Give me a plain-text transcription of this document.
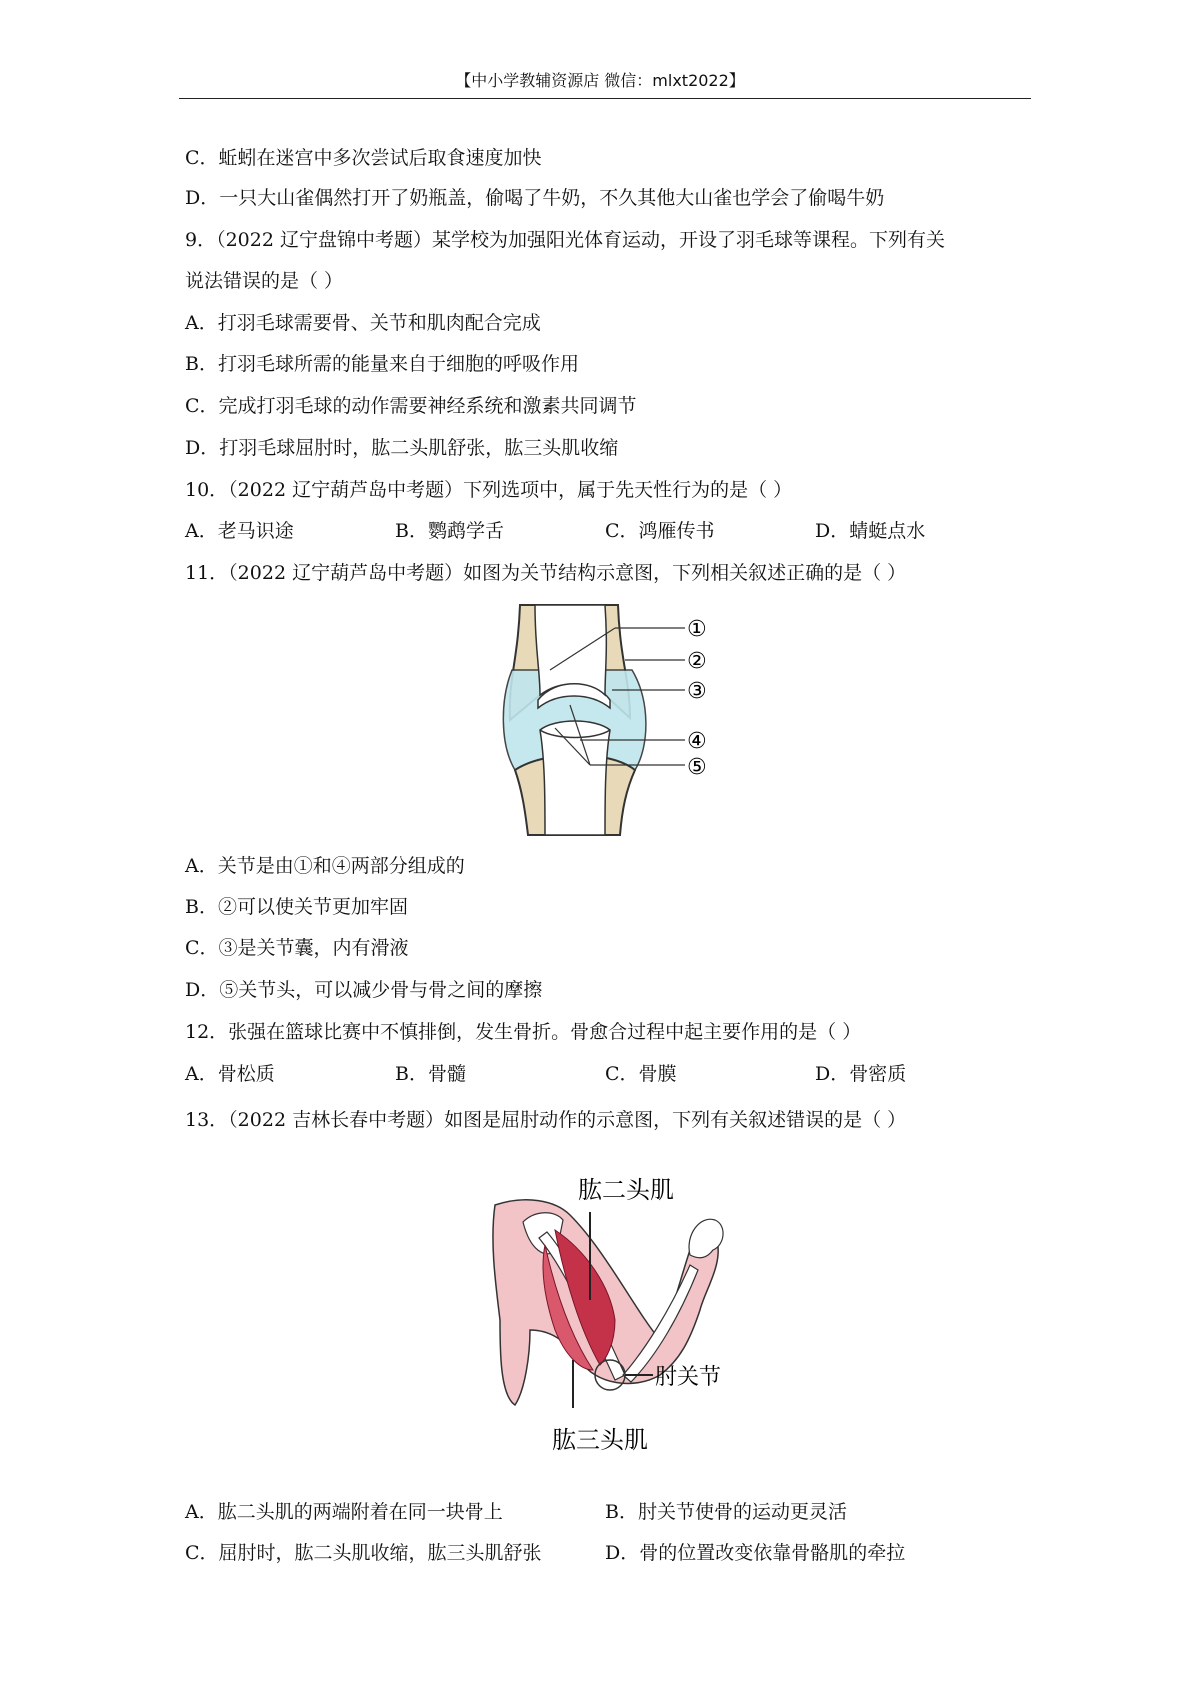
【中小学教辅资源店 微信：mlxt2022】
C．蚯蚓在迷宫中多次尝试后取食速度加快
D．一只大山雀偶然打开了奶瓶盖，偷喝了牛奶，不久其他大山雀也学会了偷喝牛奶
9．（2022 辽宁盘锦中考题）某学校为加强阳光体育运动，开设了羽毛球等课程。下列有关
说法错误的是（ ）
A．打羽毛球需要骨、关节和肌肉配合完成
B．打羽毛球所需的能量来自于细胞的呼吸作用
C．完成打羽毛球的动作需要神经系统和激素共同调节
D．打羽毛球屈肘时，肱二头肌舒张，肱三头肌收缩
10．（2022 辽宁葫芦岛中考题）下列选项中，属于先天性行为的是（ ）
A．老马识途	B．鹦鹉学舌	C．鸿雁传书	D．蜻蜓点水
11．（2022 辽宁葫芦岛中考题）如图为关节结构示意图，下列相关叙述正确的是（ ）
①
②
③
④
⑤
A．关节是由①和④两部分组成的
B．②可以使关节更加牢固
C．③是关节囊，内有滑液
D．⑤关节头，可以减少骨与骨之间的摩擦
12．张强在篮球比赛中不慎排倒，发生骨折。骨愈合过程中起主要作用的是（ ）
A．骨松质	B．骨髓	C．骨膜	D．骨密质
13．（2022 吉林长春中考题）如图是屈肘动作的示意图，下列有关叙述错误的是（ ）
肱二头肌
肘关节
肱三头肌
A．肱二头肌的两端附着在同一块骨上	B．肘关节使骨的运动更灵活
C．屈肘时，肱二头肌收缩，肱三头肌舒张	D．骨的位置改变依靠骨骼肌的牵拉
